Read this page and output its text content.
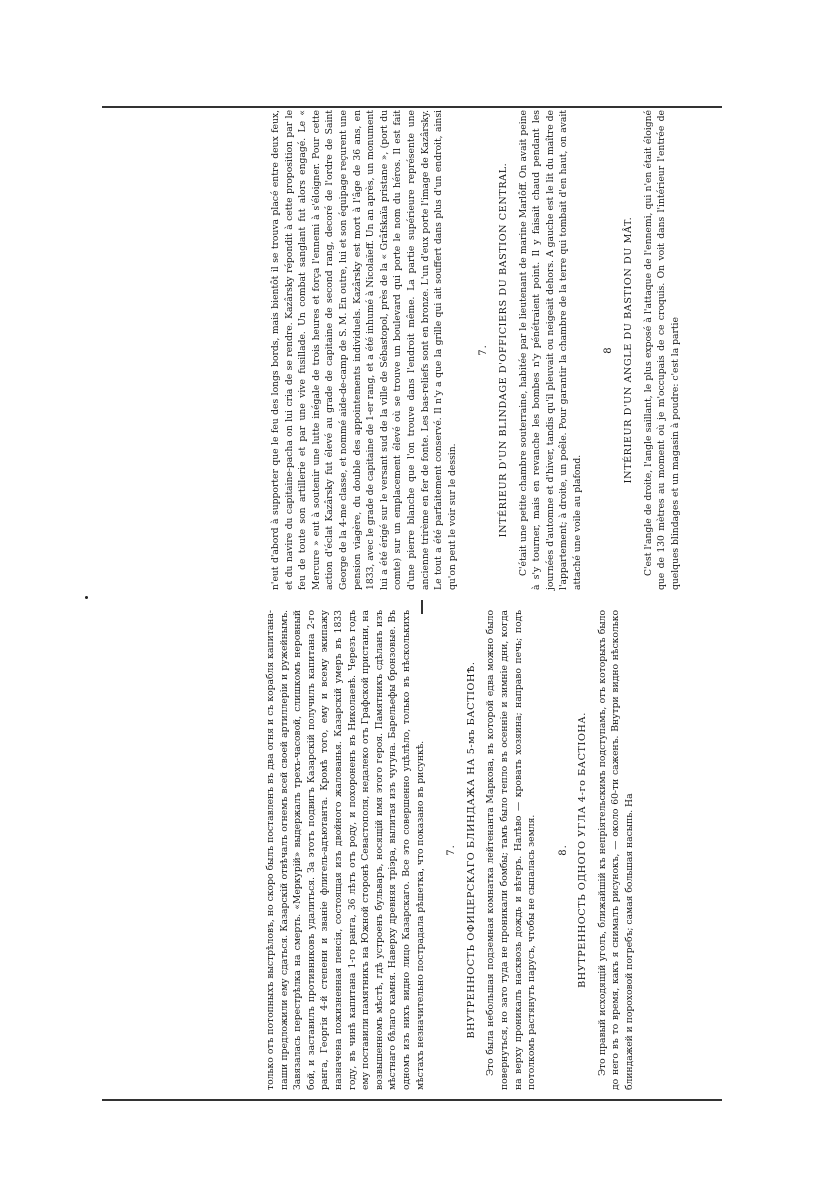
n'eut d'abord à supporter que le feu des longs bords, mais bientôt il se trouva placé entre deux feux, et du navire du capitaine-pacha on lui cria de se rendre. Kazârsky répondit à cette proposition par le feu de toute son artillerie et par une vive fusillade. Un combat sanglant fut alors engagé. Le « Mercure » eut à soutenir une lutte inégale de trois heures et força l'ennemi à s'éloigner. Pour cette action d'éclat Kazârsky fut élevé au grade de capitaine de second rang, decoré de l'ordre de Saint George de la 4-me classe, et nommé aide-de-camp de S. M. En outre, lui et son équipage reçurent une pension viagère, du double des appointements individuels. Kazârsky est mort à l'âge de 36 ans, en 1833, avec le grade de capitaine de 1-er rang, et a été inhumé à Nicolaïeff. Un an après, un monument lui a été érigé sur le versant sud de la ville de Sébastopol, près de la « Grâfskaïa pristane », (port du comte) sur un emplacement élevé où se trouve un boulevard qui porte le nom du héros. Il est fait d'une pierre blanche que l'on trouve dans l'endroit même. La partie supérieure représente une ancienne trirème en fer de fonte. Les bas-reliefs sont en bronze. L'un d'eux porte l'image de Kazârsky. Le tout a été parfaitement conservé. Il n'y a que la grille qui ait souffert dans plus d'un endroit, ainsi qu'on peut le voir sur le dessin.

7. INTÉRIEUR D'UN BLINDAGE D'OFFICIERS DU BASTION CENTRAL. C'était une petite chambre souterraine, habitée par le lieutenant de marine Marlôff. On avait peine à s'y tourner, mais en revanche les bombes n'y pénétraient point. Il y faisait chaud pendant les journées d'automne et d'hiver, tandis qu'il pleuvait ou neigeait dehors. A gauche est le lit du maître de l'appartement; à droite, un poêle. Pour garantir la chambre de la terre qui tombait d'en haut, on avait attaché une voile au plafond.

8 INTÉRIEUR D'UN ANGLE DU BASTION DU MÂT. C'est l'angle de droite, l'angle saillant, le plus exposé à l'attaque de l'ennemi, qui n'en était éloigné que de 130 mètres au moment où je m'occupais de ce croquis. On voit dans l'intérieur l'entrée de quelques blindages et un magasin à poudre: c'est la partie

только отъ потопныхъ выстрѣловъ, но скоро былъ поставленъ въ два огня и съ корабля капитана-паши предложили ему сдаться. Казарскій отвѣчалъ огнемъ всей своей артиллеріи и ружейнымъ. Завязалась перестрѣлка на смерть. «Меркурій» выдержалъ трехъ-часовой, слишкомъ неровный бой, и заставилъ противниковъ удалиться. За этотъ подвигъ Казарскій получилъ капитана 2-го ранга, Георгія 4-й степени и званіе флигель-адъютанта. Кромѣ того, ему и всему экипажу назначена пожизненная пенсія, состоящая изъ двойного жалованья. Казарскій умеръ въ 1833 году, въ чинѣ капитана 1-го ранга, 36 лѣтъ отъ роду, и похороненъ въ Николаевѣ. Черезъ годъ ему поставили памятникъ на Южной сторонѣ Севастополя, недалеко отъ Графской пристани, на возвышенномъ мѣстѣ, гдѣ устроенъ бульваръ, носящій имя этого героя. Памятникъ сдѣланъ изъ мѣстнаго бѣлаго камня. Наверху древняя тріэра, вылитая изъ чугуна. Барельефы бронзовые. Въ одномъ изъ нихъ видно лицо Казарскаго. Все это совершенно уцѣлѣло, только въ нѣсколькихъ мѣстахъ незначительно пострадала рѣшетка, что показано въ рисункѣ. 7. ВНУТРЕННОСТЬ ОФИЦЕРСКАГО БЛИНДАЖА НА 5-мъ БАСТІОНѢ. Это была небольшая подземная комнатка лейтенанта Маркова, въ которой едва можно было повернуться, но зато туда не проникали бомбы; тамъ было тепло въ осеннiе и зимніе дни, когда на верху проникалъ насквозь дождь и вѣтеръ. Налѣво — кровать хозяина; направо печь; подъ потолкомъ растянутъ парусъ, чтобы не сыпалась земля. 8. ВНУТРЕННОСТЬ ОДНОГО УГЛА 4-го БАСТІОНА. Это правый исходящій уголъ, ближайшій къ непріятельскимъ подступамъ, отъ которыхъ было до него въ то время, какъ я снималъ рисунокъ, — около 60-ти саженъ. Внутри видно нѣсколько блиндажей и пороховой погребъ; самая большая насыпь. На
